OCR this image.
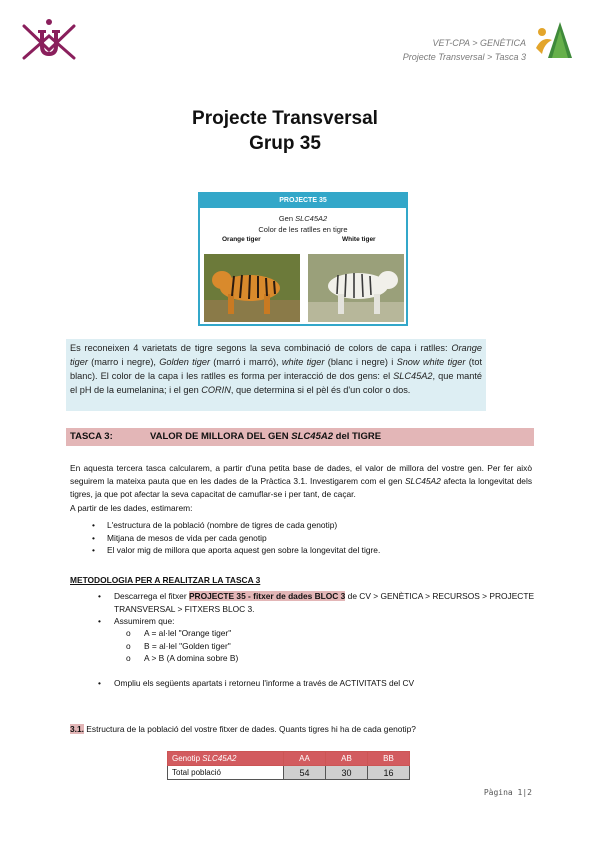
VET-CPA > GENÈTICA
Projecte Transversal > Tasca 3
Projecte Transversal
Grup 35
PROJECTE 35
Gen SLC45A2
Color de les ratlles en tigre
Orange tiger	White tiger
Es reconeixen 4 varietats de tigre segons la seva combinació de colors de capa i ratlles: Orange tiger (marro i negre), Golden tiger (marró i marró), white tiger (blanc i negre) i Snow white tiger (tot blanc). El color de la capa i les ratlles es forma per interacció de dos gens: el SLC45A2, que manté el pH de la eumelanina; i el gen CORIN, que determina si el pèl és d'un color o dos.
TASCA 3:	VALOR DE MILLORA DEL GEN SLC45A2 del TIGRE
En aquesta tercera tasca calcularem, a partir d'una petita base de dades, el valor de millora del vostre gen. Per fer això seguirem la mateixa pauta que en les dades de la Pràctica 3.1. Investigarem com el gen SLC45A2 afecta la longevitat dels tigres, ja que pot afectar la seva capacitat de camuflar-se i per tant, de caçar.
A partir de les dades, estimarem:
• L'estructura de la població (nombre de tigres de cada genotip)
• Mitjana de mesos de vida per cada genotip
• El valor mig de millora que aporta aquest gen sobre la longevitat del tigre.
METODOLOGIA PER A REALITZAR LA TASCA 3
• Descarrega el fitxer PROJECTE 35 - fitxer de dades BLOC 3 de CV > GENÈTICA > RECURSOS > PROJECTE TRANSVERSAL > FITXERS BLOC 3.
• Assumirem que:
o A = al·lel "Orange tiger"
o B = al·lel "Golden tiger"
o A > B (A domina sobre B)
• Ompliu els següents apartats i retorneu l'informe a través de ACTIVITATS del CV
3.1. Estructura de la població del vostre fitxer de dades. Quants tigres hi ha de cada genotip?
Genotip SLC45A2	AA	AB	BB
Total població	54	30	16
Pàgina 1|2
